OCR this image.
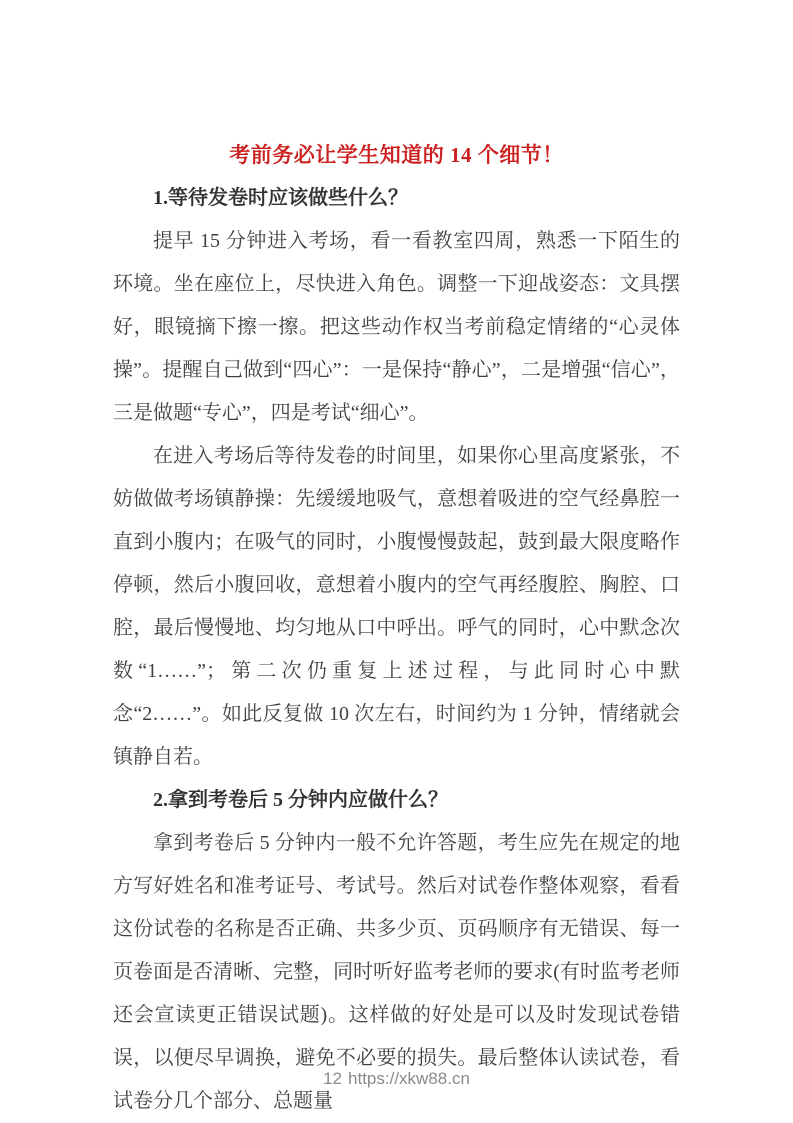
考前务必让学生知道的 14 个细节！
1.等待发卷时应该做些什么？

提早 15 分钟进入考场，看一看教室四周，熟悉一下陌生的环境。坐在座位上，尽快进入角色。调整一下迎战姿态：文具摆好，眼镜摘下擦一擦。把这些动作权当考前稳定情绪的“心灵体操”。提醒自己做到“四心”：一是保持“静心”，二是增强“信心”，三是做题“专心”，四是考试“细心”。

在进入考场后等待发卷的时间里，如果你心里高度紧张，不妨做做考场镇静操：先缓缓地吸气，意想着吸进的空气经鼻腔一直到小腹内；在吸气的同时，小腹慢慢鼓起，鼓到最大限度略作停顿，然后小腹回收，意想着小腹内的空气再经腹腔、胸腔、口腔，最后慢慢地、均匀地从口中呼出。呼气的同时，心中默念次数“1……”；第二次仍重复上述过程，与此同时心中默念“2……”。如此反复做 10 次左右，时间约为 1 分钟，情绪就会镇静自若。

2.拿到考卷后 5 分钟内应做什么？

拿到考卷后 5 分钟内一般不允许答题，考生应先在规定的地方写好姓名和准考证号、考试号。然后对试卷作整体观察，看看这份试卷的名称是否正确、共多少页、页码顺序有无错误、每一页卷面是否清晰、完整，同时听好监考老师的要求(有时监考老师还会宣读更正错误试题)。这样做的好处是可以及时发现试卷错误，以便尽早调换，避免不必要的损失。最后整体认读试卷，看试卷分几个部分、总题量

12 https://xkw88.cn
